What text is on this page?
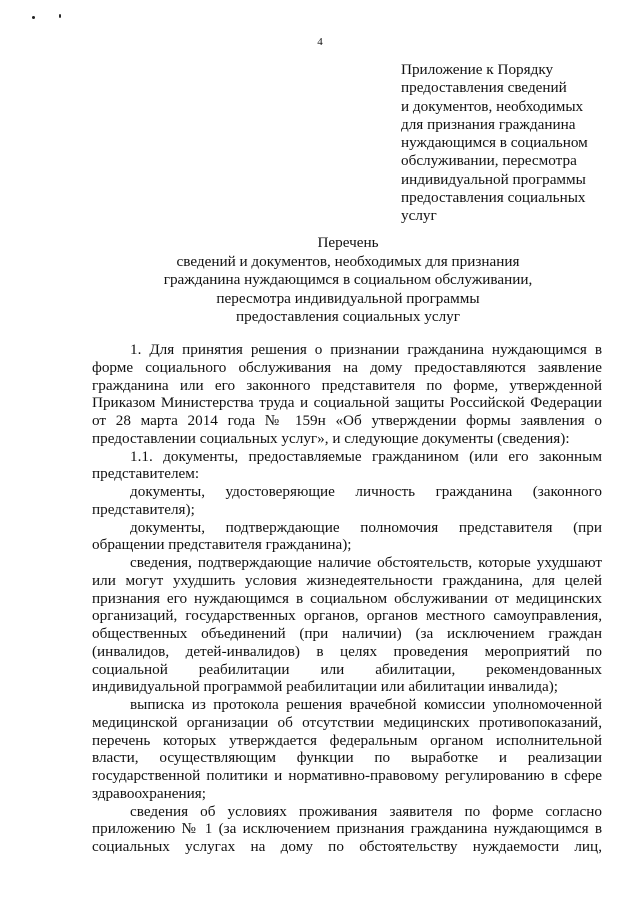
4
Приложение к Порядку
предоставления сведений
и документов, необходимых
для признания гражданина
нуждающимся в социальном
обслуживании, пересмотра
индивидуальной программы
предоставления социальных
услуг
Перечень
сведений и документов, необходимых для признания
гражданина нуждающимся в социальном обслуживании,
пересмотра индивидуальной программы
предоставления социальных услуг

1. Для принятия решения о признании гражданина нуждающимся в форме социального обслуживания на дому предоставляются заявление гражданина или его законного представителя по форме, утвержденной Приказом Министерства труда и социальной защиты Российской Федерации от 28 марта 2014 года № 159н «Об утверждении формы заявления о предоставлении социальных услуг», и следующие документы (сведения):

1.1. документы, предоставляемые гражданином (или его законным представителем:

документы, удостоверяющие личность гражданина (законного представителя);

документы, подтверждающие полномочия представителя (при обращении представителя гражданина);

сведения, подтверждающие наличие обстоятельств, которые ухудшают или могут ухудшить условия жизнедеятельности гражданина, для целей признания его нуждающимся в социальном обслуживании от медицинских организаций, государственных органов, органов местного самоуправления, общественных объединений (при наличии) (за исключением граждан (инвалидов, детей-инвалидов) в целях проведения мероприятий по социальной реабилитации или абилитации, рекомендованных индивидуальной программой реабилитации или абилитации инвалида);

выписка из протокола решения врачебной комиссии уполномоченной медицинской организации об отсутствии медицинских противопоказаний, перечень которых утверждается федеральным органом исполнительной власти, осуществляющим функции по выработке и реализации государственной политики и нормативно-правовому регулированию в сфере здравоохранения;

сведения об условиях проживания заявителя по форме согласно приложению № 1 (за исключением признания гражданина нуждающимся в социальных услугах на дому по обстоятельству нуждаемости лиц,
